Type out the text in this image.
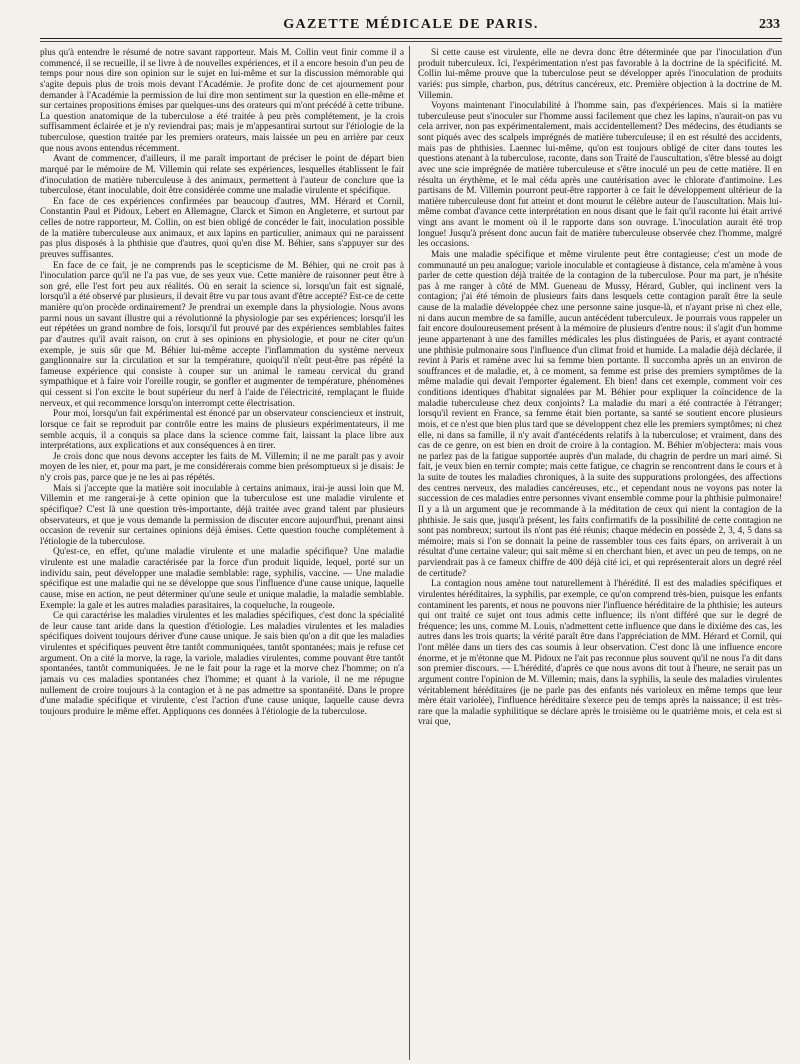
GAZETTE MÉDICALE DE PARIS.	233

plus qu'à entendre le résumé de notre savant rapporteur. Mais M. Collin veut finir comme il a commencé, il se recueille, il se livre à de nouvelles expériences, et il a encore besoin d'un peu de temps pour nous dire son opinion sur le sujet en lui-même et sur la discussion mémorable qui s'agite depuis plus de trois mois devant l'Académie. Je profite donc de cet ajournement pour demander à l'Académie la permission de lui dire mon sentiment sur la question en elle-même et sur certaines propositions émises par quelques-uns des orateurs qui m'ont précédé à cette tribune. La question anatomique de la tuberculose a été traitée à peu près complétement, je la crois suffisamment éclairée et je n'y reviendrai pas; mais je m'appesantirai surtout sur l'étiologie de la tuberculose, question traitée par les premiers orateurs, mais laissée un peu en arrière par ceux que nous avons entendus récemment.

Avant de commencer, d'ailleurs, il me paraît important de préciser le point de départ bien marqué par le mémoire de M. Villemin qui relate ses expériences, lesquelles établissent le fait d'inoculation de matière tuberculeuse à des animaux, permettent à l'auteur de conclure que la tuberculose, étant inoculable, doit être considérée comme une maladie virulente et spécifique.

En face de ces expériences confirmées par beaucoup d'autres, MM. Hérard et Cornil, Constantin Paul et Pidoux, Lebert en Allemagne, Clarck et Simon en Angleterre, et surtout par celles de notre rapporteur, M. Collin, on est bien obligé de concéder le fait, inoculation possible de la matière tuberculeuse aux animaux, et aux lapins en particulier, animaux qui ne paraissent pas plus disposés à la phthisie que d'autres, quoi qu'en dise M. Béhier, sans s'appuyer sur des preuves suffisantes.

En face de ce fait, je ne comprends pas le scepticisme de M. Béhier, qui ne croit pas à l'inoculation parce qu'il ne l'a pas vue, de ses yeux vue. Cette manière de raisonner peut être à son gré, elle l'est fort peu aux réalités. Où en serait la science si, lorsqu'un fait est signalé, lorsqu'il a été observé par plusieurs, il devait être vu par tous avant d'être accepté? Est-ce de cette manière qu'on procède ordinairement? Je prendrai un exemple dans la physiologie. Nous avons parmi nous un savant illustre qui a révolutionné la physiologie par ses expériences; lorsqu'il les eut répétées un grand nombre de fois, lorsqu'il fut prouvé par des expériences semblables faites par d'autres qu'il avait raison, on crut à ses opinions en physiologie, et pour ne citer qu'un exemple, je suis sûr que M. Béhier lui-même accepte l'inflammation du système nerveux ganglionnaire sur la circulation et sur la température, quoiqu'il n'eût peut-être pas répété la fameuse expérience qui consiste à couper sur un animal le rameau cervical du grand sympathique et à faire voir l'oreille rougir, se gonfler et augmenter de température, phénomènes qui cessent si l'on excite le bout supérieur du nerf à l'aide de l'électricité, remplaçant le fluide nerveux, et qui recommence lorsqu'on interrompt cette électrisation.

Pour moi, lorsqu'un fait expérimental est énoncé par un observateur consciencieux et instruit, lorsque ce fait se reproduit par contrôle entre les mains de plusieurs expérimentateurs, il me semble acquis, il a conquis sa place dans la science comme fait, laissant la place libre aux interprétations, aux explications et aux conséquences à en tirer.

Je crois donc que nous devons accepter les faits de M. Villemin; il ne me paraît pas y avoir moyen de les nier, et, pour ma part, je me considérerais comme bien présomptueux si je disais: Je n'y crois pas, parce que je ne les ai pas répétés.

Mais si j'accepte que la matière soit inoculable à certains animaux, irai-je aussi loin que M. Villemin et me rangerai-je à cette opinion que la tuberculose est une maladie virulente et spécifique? C'est là une question très-importante, déjà traitée avec grand talent par plusieurs observateurs, et que je vous demande la permission de discuter encore aujourd'hui, prenant ainsi occasion de revenir sur certaines opinions déjà émises. Cette question touche complétement à l'étiologie de la tuberculose.

Qu'est-ce, en effet, qu'une maladie virulente et une maladie spécifique? Une maladie virulente est une maladie caractérisée par la force d'un produit liquide, lequel, porté sur un individu sain, peut développer une maladie semblable: rage, syphilis, vaccine. — Une maladie spécifique est une maladie qui ne se développe que sous l'influence d'une cause unique, laquelle cause, mise en action, ne peut déterminer qu'une seule et unique maladie, la maladie semblable. Exemple: la gale et les autres maladies parasitaires, la coqueluche, la rougeole.

Ce qui caractérise les maladies virulentes et les maladies spécifiques, c'est donc la spécialité de leur cause tant aride dans la question d'étiologie. Les maladies virulentes et les maladies spécifiques doivent toujours dériver d'une cause unique. Je sais bien qu'on a dit que les maladies virulentes et spécifiques peuvent être tantôt communiquées, tantôt spontanées; mais je refuse cet argument. On a cité la morve, la rage, la variole, maladies virulentes, comme pouvant être tantôt spontanées, tantôt communiquées. Je ne le fait pour la rage et la morve chez l'homme; on n'a jamais vu ces maladies spontanées chez l'homme; et quant à la variole, il ne me répugne nullement de croire toujours à la contagion et à ne pas admettre sa spontanéité. Dans le propre d'une maladie spécifique et virulente, c'est l'action d'une cause unique, laquelle cause devra toujours produire le même effet. Appliquons ces données à l'étiologie de la tuberculose.

Si cette cause est virulente, elle ne devra donc être déterminée que par l'inoculation d'un produit tuberculeux. Ici, l'expérimentation n'est pas favorable à la doctrine de la spécificité. M. Collin lui-même prouve que la tuberculose peut se développer après l'inoculation de produits variés: pus simple, charbon, pus, détritus cancéreux, etc. Première objection à la doctrine de M. Villemin.

Voyons maintenant l'inoculabilité à l'homme sain, pas d'expériences. Mais si la matière tuberculeuse peut s'inoculer sur l'homme aussi facilement que chez les lapins, n'aurait-on pas vu cela arriver, non pas expérimentalement, mais accidentellement? Des médecins, des étudiants se sont piqués avec des scalpels imprégnés de matière tuberculeuse; il en est résulté des accidents, mais pas de phthisies. Laennec lui-même, qu'on est toujours obligé de citer dans toutes les questions atenant à la tuberculose, raconte, dans son Traité de l'auscultation, s'être blessé au doigt avec une scie imprégnée de matière tuberculeuse et s'être inoculé un peu de cette matière. Il en résulta un érythème, et le mal céda après une cautérisation avec le chlorate d'antimoine. Les partisans de M. Villemin pourront peut-être rapporter à ce fait le développement ultérieur de la matière tuberculeuse dont fut atteint et dont mourut le célèbre auteur de l'auscultation. Mais lui-même combat d'avance cette interprétation en nous disant que le fait qu'il raconte lui était arrivé vingt ans avant le moment où il le rapporte dans son ouvrage. L'inoculation aurait été trop longue! Jusqu'à présent donc aucun fait de matière tuberculeuse observée chez l'homme, malgré les occasions.

Mais une maladie spécifique et même virulente peut être contagieuse; c'est un mode de communauté un peu analogue; variole inoculable et contagieuse à distance, cela m'amène à vous parler de cette question déjà traitée de la contagion de la tuberculose. Pour ma part, je n'hésite pas à me ranger à côté de MM. Gueneau de Mussy, Hérard, Gubler, qui inclinent vers la contagion; j'ai été témoin de plusieurs faits dans lesquels cette contagion paraît être la seule cause de la maladie développée chez une personne saine jusque-là, et n'ayant prise ni chez elle, ni dans aucun membre de sa famille, aucun antécédent tuberculeux. Je pourrais vous rappeler un fait encore douloureusement présent à la mémoire de plusieurs d'entre nous: il s'agit d'un homme jeune appartenant à une des familles médicales les plus distinguées de Paris, et ayant contracté une phthisie pulmonaire sous l'influence d'un climat froid et humide. La maladie déjà déclarée, il revint à Paris et ramène avec lui sa femme bien portante. Il succomba après un an environ de souffrances et de maladie, et, à ce moment, sa femme est prise des premiers symptômes de la même maladie qui devait l'emporter également. Eh bien! dans cet exemple, comment voir ces conditions identiques d'habitat signalées par M. Béhier pour expliquer la coïncidence de la maladie tuberculeuse chez deux conjoints? La maladie du mari a été contractée à l'étranger; lorsqu'il revient en France, sa femme était bien portante, sa santé se soutient encore plusieurs mois, et ce n'est que bien plus tard que se développent chez elle les premiers symptômes; ni chez elle, ni dans sa famille, il n'y avait d'antécédents relatifs à la tuberculose; et vraiment, dans des cas de ce genre, on est bien en droit de croire à la contagion. M. Béhier m'objectera: mais vous ne parlez pas de la fatigue supportée auprès d'un malade, du chagrin de perdre un mari aimé. Si fait, je veux bien en ternir compte; mais cette fatigue, ce chagrin se rencontrent dans le cours et à la suite de toutes les maladies chroniques, à la suite des suppurations prolongées, des affections des centres nerveux, des maladies cancéreuses, etc., et cependant nous ne voyons pas noter la succession de ces maladies entre personnes vivant ensemble comme pour la phthisie pulmonaire! Il y a là un argument que je recommande à la méditation de ceux qui nient la contagion de la phthisie. Je sais que, jusqu'à présent, les faits confirmatifs de la possibilité de cette contagion ne sont pas nombreux; surtout ils n'ont pas été réunis; chaque médecin en possède 2, 3, 4, 5 dans sa mémoire; mais si l'on se donnait la peine de rassembler tous ces faits épars, on arriverait à un résultat d'une certaine valeur; qui sait même si en cherchant bien, et avec un peu de temps, on ne parviendrait pas à ce fameux chiffre de 400 déjà cité ici, et qui représenterait alors un degré réel de certitude?

La contagion nous amène tout naturellement à l'hérédité. Il est des maladies spécifiques et virulentes héréditaires, la syphilis, par exemple, ce qu'on comprend très-bien, puisque les enfants contaminent les parents, et nous ne pouvons nier l'influence héréditaire de la phthisie; les auteurs qui ont traité ce sujet ont tous admis cette influence; ils n'ont différé que sur le degré de fréquence; les uns, comme M. Louis, n'admettent cette influence que dans le dixième des cas, les autres dans les trois quarts; la vérité paraît être dans l'appréciation de MM. Hérard et Cornil, qui l'ont mêlée dans un tiers des cas soumis à leur observation. C'est donc là une influence encore énorme, et je m'étonne que M. Pidoux ne l'ait pas reconnue plus souvent qu'il ne nous l'a dit dans son premier discours. — L'hérédité, d'après ce que nous avons dit tout à l'heure, ne serait pas un argument contre l'opinion de M. Villemin; mais, dans la syphilis, la seule des maladies virulentes véritablement héréditaires (je ne parle pas des enfants nés varioleux en même temps que leur mère était variolée), l'influence héréditaire s'exerce peu de temps après la naissance; il est très-rare que la maladie syphilitique se déclare après le troisième ou le quatrième mois, et cela est si vrai que,
